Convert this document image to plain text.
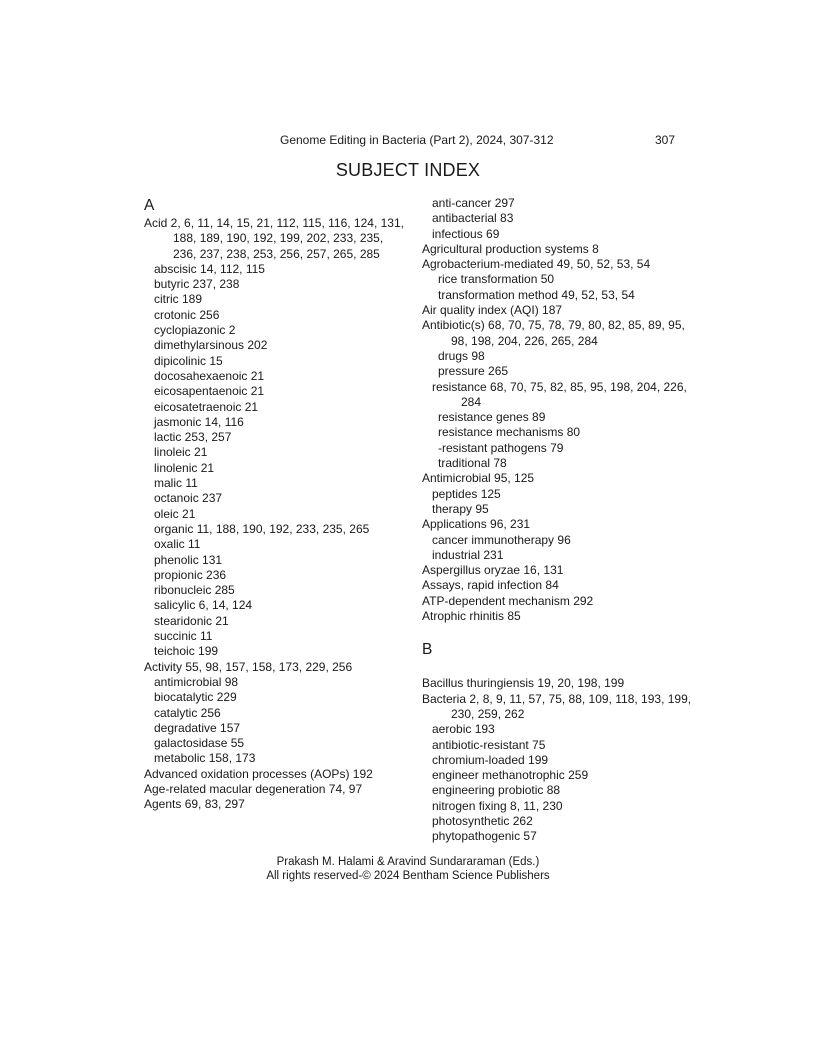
Genome Editing in Bacteria (Part 2), 2024, 307-312	307
SUBJECT INDEX
A
Acid 2, 6, 11, 14, 15, 21, 112, 115, 116, 124, 131, 188, 189, 190, 192, 199, 202, 233, 235, 236, 237, 238, 253, 256, 257, 265, 285
abscisic 14, 112, 115
butyric 237, 238
citric 189
crotonic 256
cyclopiazonic 2
dimethylarsinous 202
dipicolinic 15
docosahexaenoic 21
eicosapentaenoic 21
eicosatetraenoic 21
jasmonic 14, 116
lactic 253, 257
linoleic 21
linolenic 21
malic 11
octanoic 237
oleic 21
organic 11, 188, 190, 192, 233, 235, 265
oxalic 11
phenolic 131
propionic 236
ribonucleic 285
salicylic 6, 14, 124
stearidonic 21
succinic 11
teichoic 199
Activity 55, 98, 157, 158, 173, 229, 256
antimicrobial 98
biocatalytic 229
catalytic 256
degradative 157
galactosidase 55
metabolic 158, 173
Advanced oxidation processes (AOPs) 192
Age-related macular degeneration 74, 97
Agents 69, 83, 297
anti-cancer 297
antibacterial 83
infectious 69
Agricultural production systems 8
Agrobacterium-mediated 49, 50, 52, 53, 54
rice transformation 50
transformation method 49, 52, 53, 54
Air quality index (AQI) 187
Antibiotic(s) 68, 70, 75, 78, 79, 80, 82, 85, 89, 95, 98, 198, 204, 226, 265, 284
drugs 98
pressure 265
resistance 68, 70, 75, 82, 85, 95, 198, 204, 226, 284
resistance genes 89
resistance mechanisms 80
-resistant pathogens 79
traditional 78
Antimicrobial 95, 125
peptides 125
therapy 95
Applications 96, 231
cancer immunotherapy 96
industrial 231
Aspergillus oryzae 16, 131
Assays, rapid infection 84
ATP-dependent mechanism 292
Atrophic rhinitis 85
B
Bacillus thuringiensis 19, 20, 198, 199
Bacteria 2, 8, 9, 11, 57, 75, 88, 109, 118, 193, 199, 230, 259, 262
aerobic 193
antibiotic-resistant 75
chromium-loaded 199
engineer methanotrophic 259
engineering probiotic 88
nitrogen fixing 8, 11, 230
photosynthetic 262
phytopathogenic 57
Prakash M. Halami & Aravind Sundararaman (Eds.)
All rights reserved-© 2024 Bentham Science Publishers
